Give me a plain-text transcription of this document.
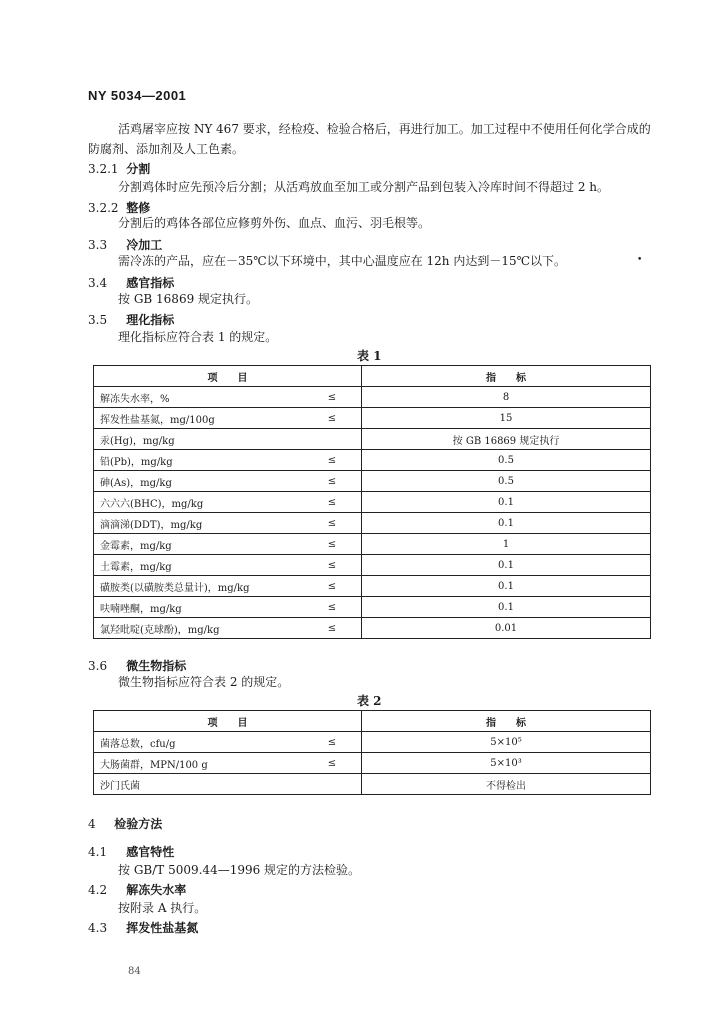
NY 5034—2001
活鸡屠宰应按 NY 467 要求，经检疫、检验合格后，再进行加工。加工过程中不使用任何化学合成的
防腐剂、添加剂及人工色素。
3.2.1 分割
分割鸡体时应先预冷后分割；从活鸡放血至加工或分割产品到包装入冷库时间不得超过 2 h。
3.2.2 整修
分割后的鸡体各部位应修剪外伤、血点、血污、羽毛根等。
3.3 冷加工
需冷冻的产品，应在－35℃以下环境中，其中心温度应在 12h 内达到－15℃以下。	•
3.4 感官指标
按 GB 16869 规定执行。
3.5 理化指标
理化指标应符合表 1 的规定。
表 1
项　　目		指　　标
解冻失水率，%	≤	8
挥发性盐基氮，mg/100g	≤	15
汞(Hg)，mg/kg		按 GB 16869 规定执行
铅(Pb)，mg/kg	≤	0.5
砷(As)，mg/kg	≤	0.5
六六六(BHC)，mg/kg	≤	0.1
滴滴涕(DDT)，mg/kg	≤	0.1
金霉素，mg/kg	≤	1
土霉素，mg/kg	≤	0.1
磺胺类(以磺胺类总量计)，mg/kg	≤	0.1
呋喃唑酮，mg/kg	≤	0.1
氯羟吡啶(克球酚)，mg/kg	≤	0.01
3.6 微生物指标
微生物指标应符合表 2 的规定。
表 2
项　　目		指　　标
菌落总数，cfu/g	≤	5×10⁵
大肠菌群，MPN/100 g	≤	5×10³
沙门氏菌		不得检出
4 检验方法
4.1 感官特性
按 GB/T 5009.44—1996 规定的方法检验。
4.2 解冻失水率
按附录 A 执行。
4.3 挥发性盐基氮
84
